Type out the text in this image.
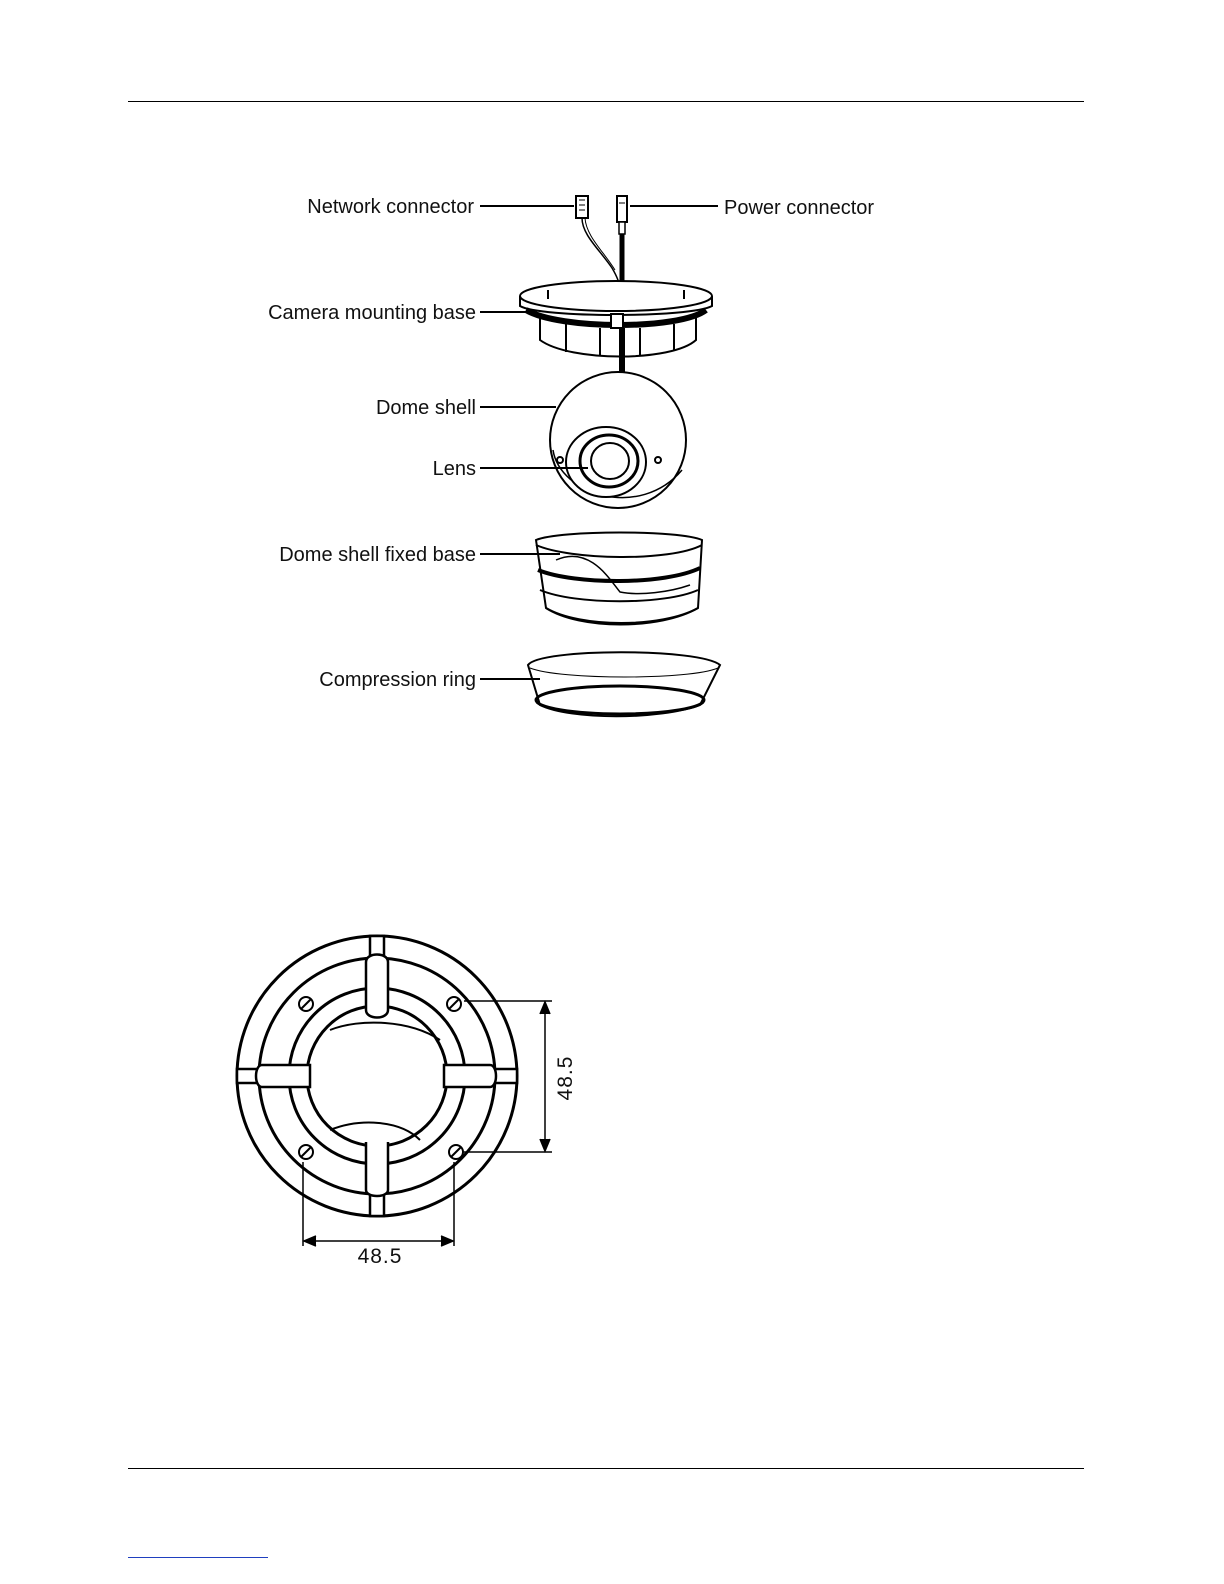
Network connector	Power connector
Camera mounting base
Dome shell
Lens
Dome shell fixed base
Compression ring
48.5
48.5
